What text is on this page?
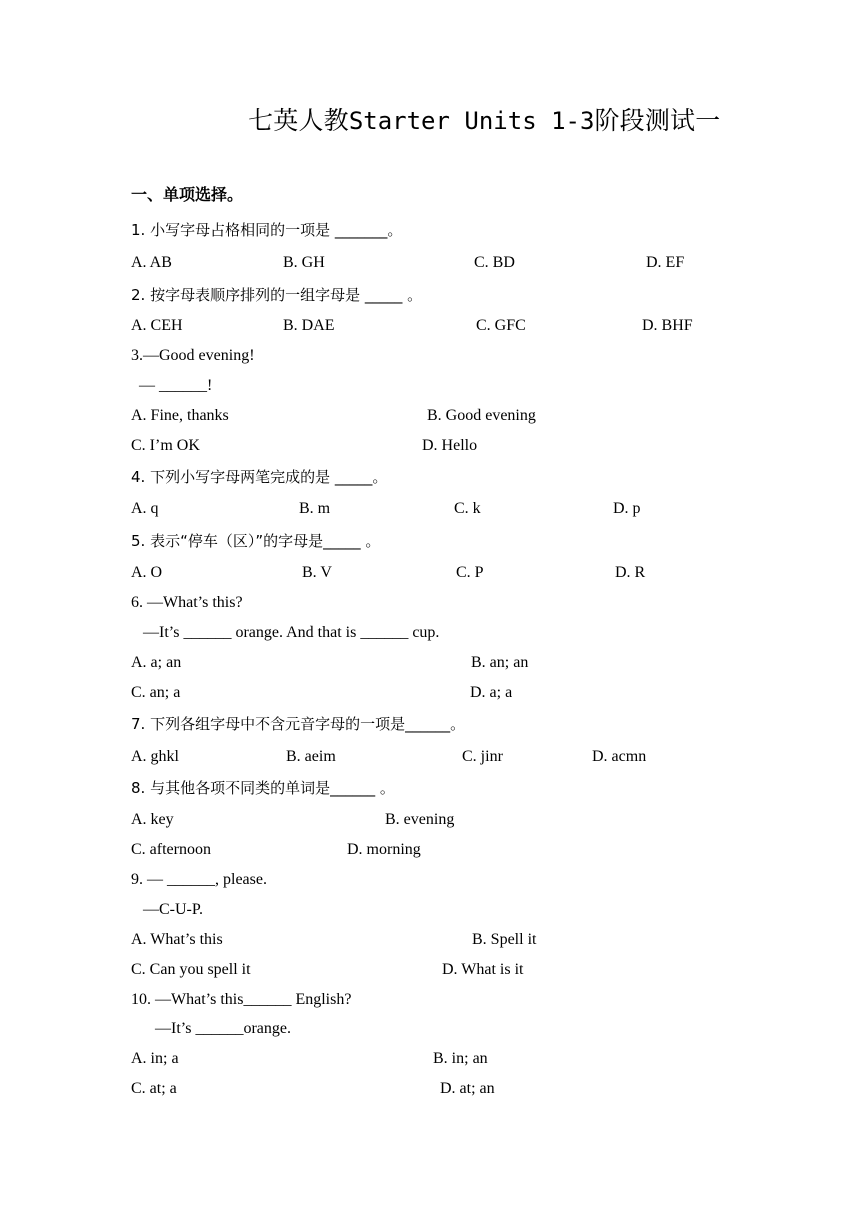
七英人教Starter Units 1-3阶段测试一
一、单项选择。
1. 小写字母占格相同的一项是 _______。
A. AB	B. GH	C. BD	D. EF
2. 按字母表顺序排列的一组字母是 _____ 。
A. CEH	B. DAE	C. GFC	D. BHF
3.—Good evening!
— ______!
A. Fine, thanks	B. Good evening
C. I’m OK	D. Hello
4. 下列小写字母两笔完成的是 _____。
A. q	B. m	C. k	D. p
5. 表示“停车（区）”的字母是_____ 。
A. O	B. V	C. P	D. R
6. —What’s this?
—It’s ______ orange. And that is ______ cup.
A. a; an	B. an; an
C. an; a	D. a; a
7. 下列各组字母中不含元音字母的一项是______。
A. ghkl	B. aeim	C. jinr	D. acmn
8. 与其他各项不同类的单词是______ 。
A. key	B. evening
C. afternoon	D. morning
9. — ______, please.
—C-U-P.
A. What’s this	B. Spell it
C. Can you spell it	D. What is it
10. —What’s this______ English?
—It’s ______orange.
A. in; a	B. in; an
C. at; a	D. at; an
